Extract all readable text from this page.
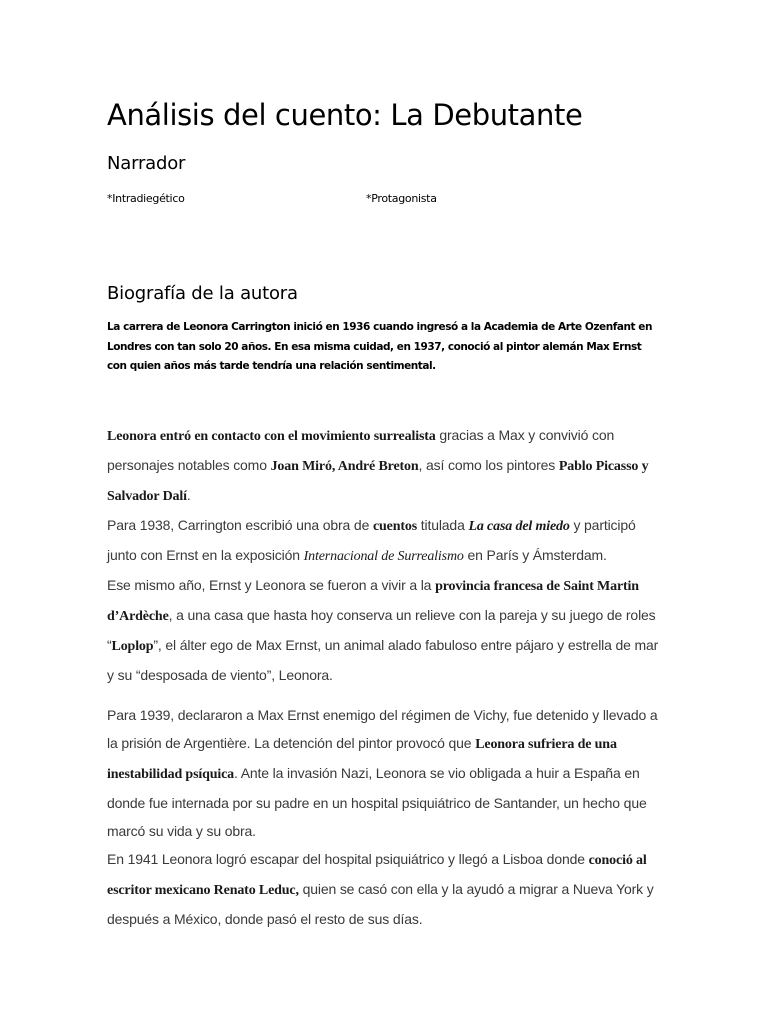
Análisis del cuento: La Debutante
Narrador
*Intradiegético	*Protagonista
Biografía de la autora

La carrera de Leonora Carrington inició en 1936 cuando ingresó a la Academia de Arte Ozenfant en Londres con tan solo 20 años. En esa misma cuidad, en 1937, conoció al pintor alemán Max Ernst con quien años más tarde tendría una relación sentimental.

Leonora entró en contacto con el movimiento surrealista gracias a Max y convivió con personajes notables como Joan Miró, André Breton, así como los pintores Pablo Picasso y Salvador Dalí.
Para 1938, Carrington escribió una obra de cuentos titulada La casa del miedo y participó junto con Ernst en la exposición Internacional de Surrealismo en París y Ámsterdam.
Ese mismo año, Ernst y Leonora se fueron a vivir a la provincia francesa de Saint Martin d’Ardèche, a una casa que hasta hoy conserva un relieve con la pareja y su juego de roles “Loplop”, el álter ego de Max Ernst, un animal alado fabuloso entre pájaro y estrella de mar y su “desposada de viento”, Leonora.
Para 1939, declararon a Max Ernst enemigo del régimen de Vichy, fue detenido y llevado a la prisión de Argentière. La detención del pintor provocó que Leonora sufriera de una inestabilidad psíquica. Ante la invasión Nazi, Leonora se vio obligada a huir a España en donde fue internada por su padre en un hospital psiquiátrico de Santander, un hecho que marcó su vida y su obra.
En 1941 Leonora logró escapar del hospital psiquiátrico y llegó a Lisboa donde conoció al escritor mexicano Renato Leduc, quien se casó con ella y la ayudó a migrar a Nueva York y después a México, donde pasó el resto de sus días.
